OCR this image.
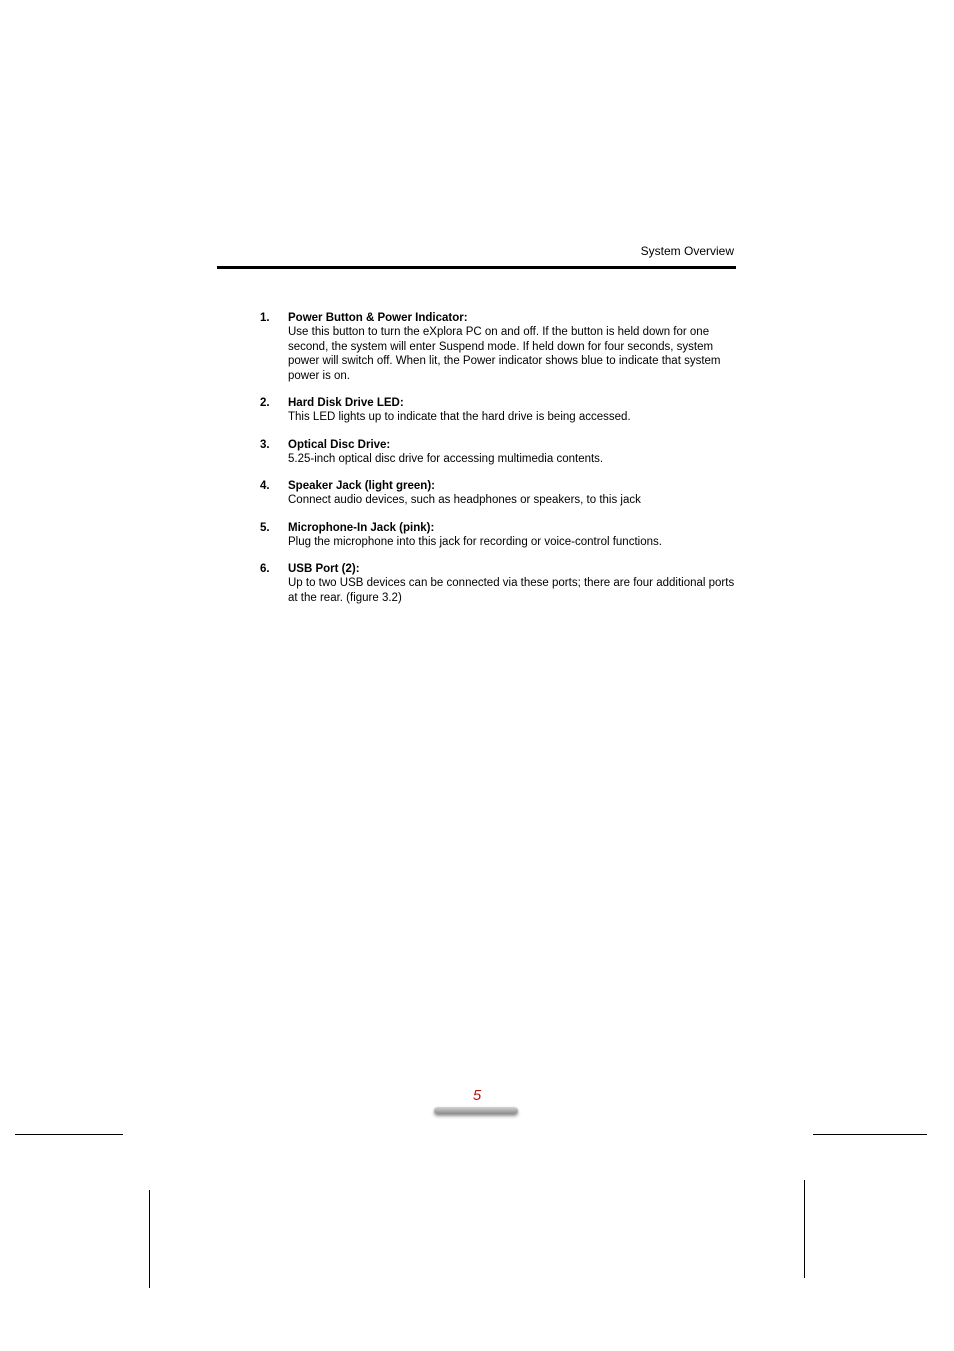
System Overview
1.	Power Button & Power Indicator:
Use this button to turn the eXplora PC on and off. If the button is held down for one second, the system will enter Suspend mode. If held down for four seconds, system power will switch off. When lit, the Power indicator shows blue to indicate that system power is on.
2.	Hard Disk Drive LED:
This LED lights up to indicate that the hard drive is being accessed.
3.	Optical Disc Drive:
5.25-inch optical disc drive for accessing multimedia contents.
4.	Speaker Jack (light green):
Connect audio devices, such as headphones or speakers, to this jack
5.	Microphone-In Jack (pink):
Plug the microphone into this jack for recording or voice-control functions.
6.	USB Port (2):
Up to two USB devices can be connected via these ports; there are four additional ports at the rear. (figure 3.2)
5
